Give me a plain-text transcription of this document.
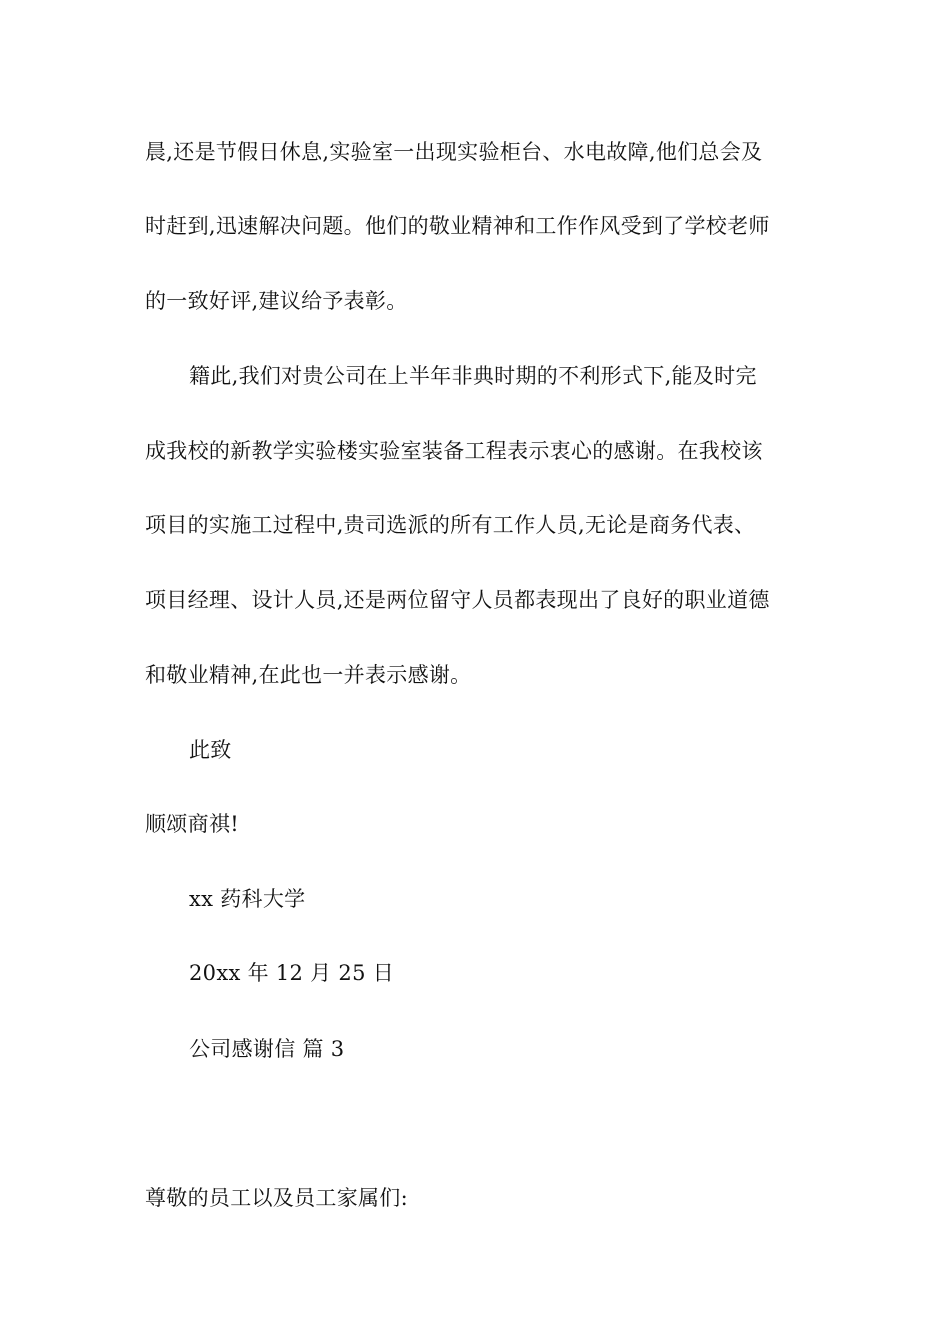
晨,还是节假日休息,实验室一出现实验柜台、水电故障,他们总会及
时赶到,迅速解决问题。他们的敬业精神和工作作风受到了学校老师
的一致好评,建议给予表彰。
籍此,我们对贵公司在上半年非典时期的不利形式下,能及时完
成我校的新教学实验楼实验室装备工程表示衷心的感谢。在我校该
项目的实施工过程中,贵司选派的所有工作人员,无论是商务代表、
项目经理、设计人员,还是两位留守人员都表现出了良好的职业道德
和敬业精神,在此也一并表示感谢。
此致
顺颂商祺!
xx 药科大学
20xx 年 12 月 25 日
公司感谢信 篇 3
尊敬的员工以及员工家属们:
